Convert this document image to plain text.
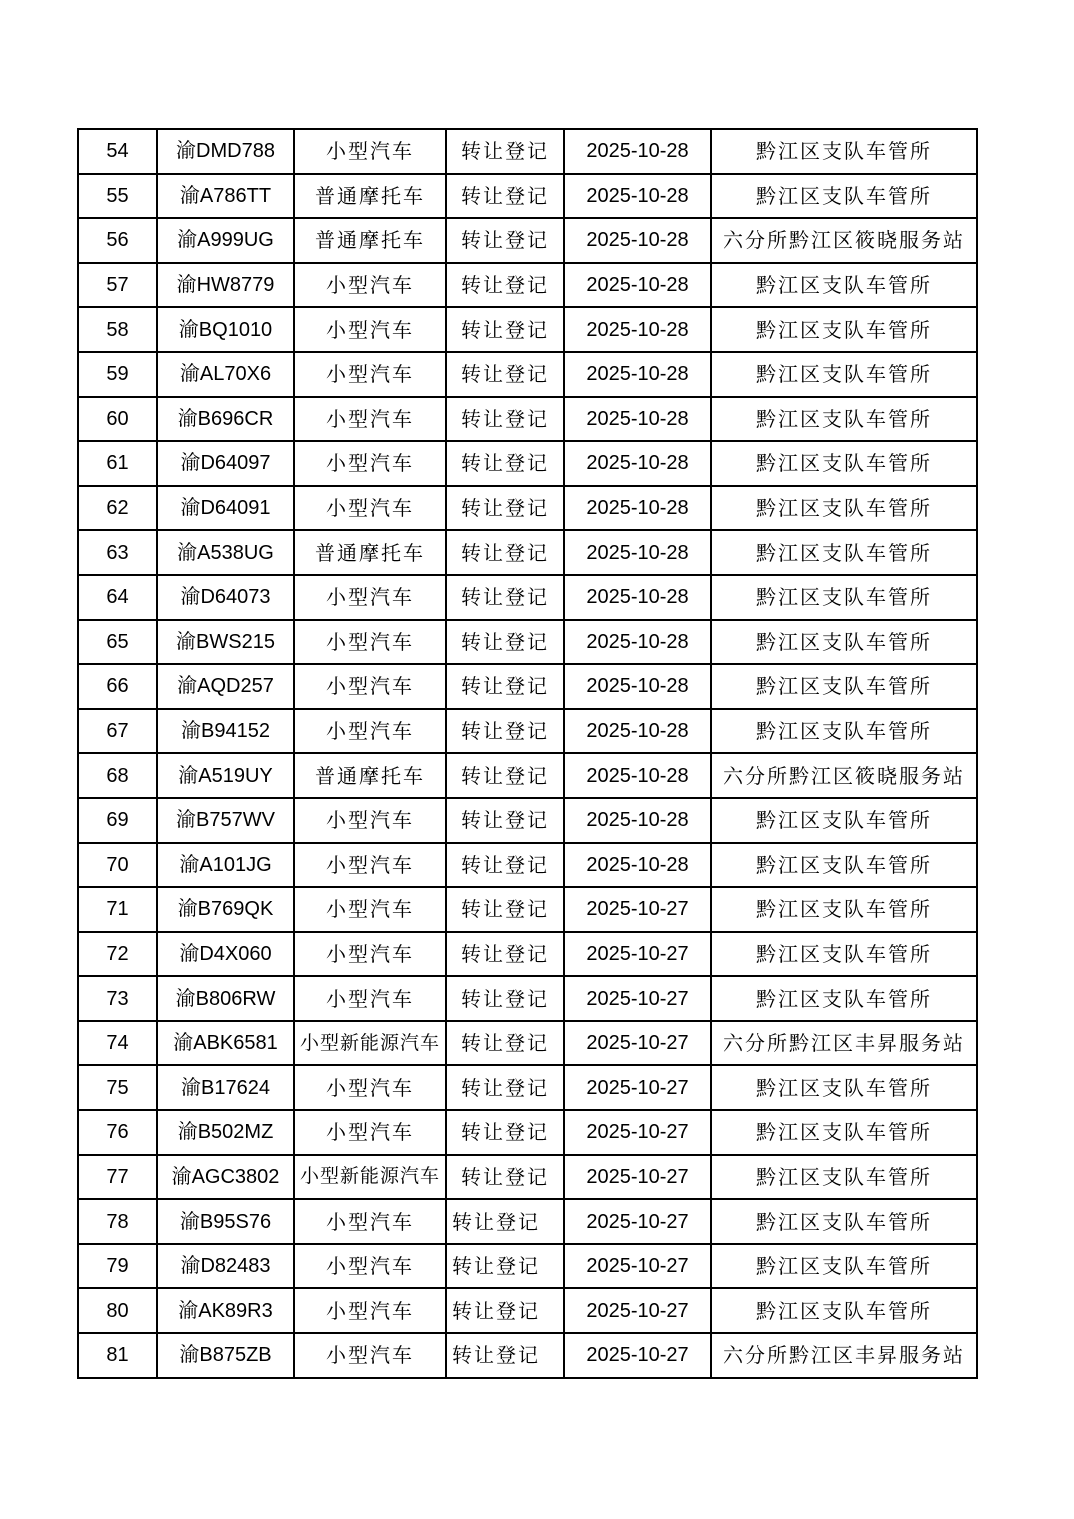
54	渝DMD788	小型汽车	转让登记	2025-10-28	黔江区支队车管所
55	渝A786TT	普通摩托车	转让登记	2025-10-28	黔江区支队车管所
56	渝A999UG	普通摩托车	转让登记	2025-10-28	六分所黔江区筱晓服务站
57	渝HW8779	小型汽车	转让登记	2025-10-28	黔江区支队车管所
58	渝BQ1010	小型汽车	转让登记	2025-10-28	黔江区支队车管所
59	渝AL70X6	小型汽车	转让登记	2025-10-28	黔江区支队车管所
60	渝B696CR	小型汽车	转让登记	2025-10-28	黔江区支队车管所
61	渝D64097	小型汽车	转让登记	2025-10-28	黔江区支队车管所
62	渝D64091	小型汽车	转让登记	2025-10-28	黔江区支队车管所
63	渝A538UG	普通摩托车	转让登记	2025-10-28	黔江区支队车管所
64	渝D64073	小型汽车	转让登记	2025-10-28	黔江区支队车管所
65	渝BWS215	小型汽车	转让登记	2025-10-28	黔江区支队车管所
66	渝AQD257	小型汽车	转让登记	2025-10-28	黔江区支队车管所
67	渝B94152	小型汽车	转让登记	2025-10-28	黔江区支队车管所
68	渝A519UY	普通摩托车	转让登记	2025-10-28	六分所黔江区筱晓服务站
69	渝B757WV	小型汽车	转让登记	2025-10-28	黔江区支队车管所
70	渝A101JG	小型汽车	转让登记	2025-10-28	黔江区支队车管所
71	渝B769QK	小型汽车	转让登记	2025-10-27	黔江区支队车管所
72	渝D4X060	小型汽车	转让登记	2025-10-27	黔江区支队车管所
73	渝B806RW	小型汽车	转让登记	2025-10-27	黔江区支队车管所
74	渝ABK6581	小型新能源汽车	转让登记	2025-10-27	六分所黔江区丰昇服务站
75	渝B17624	小型汽车	转让登记	2025-10-27	黔江区支队车管所
76	渝B502MZ	小型汽车	转让登记	2025-10-27	黔江区支队车管所
77	渝AGC3802	小型新能源汽车	转让登记	2025-10-27	黔江区支队车管所
78	渝B95S76	小型汽车	转让登记	2025-10-27	黔江区支队车管所
79	渝D82483	小型汽车	转让登记	2025-10-27	黔江区支队车管所
80	渝AK89R3	小型汽车	转让登记	2025-10-27	黔江区支队车管所
81	渝B875ZB	小型汽车	转让登记	2025-10-27	六分所黔江区丰昇服务站
